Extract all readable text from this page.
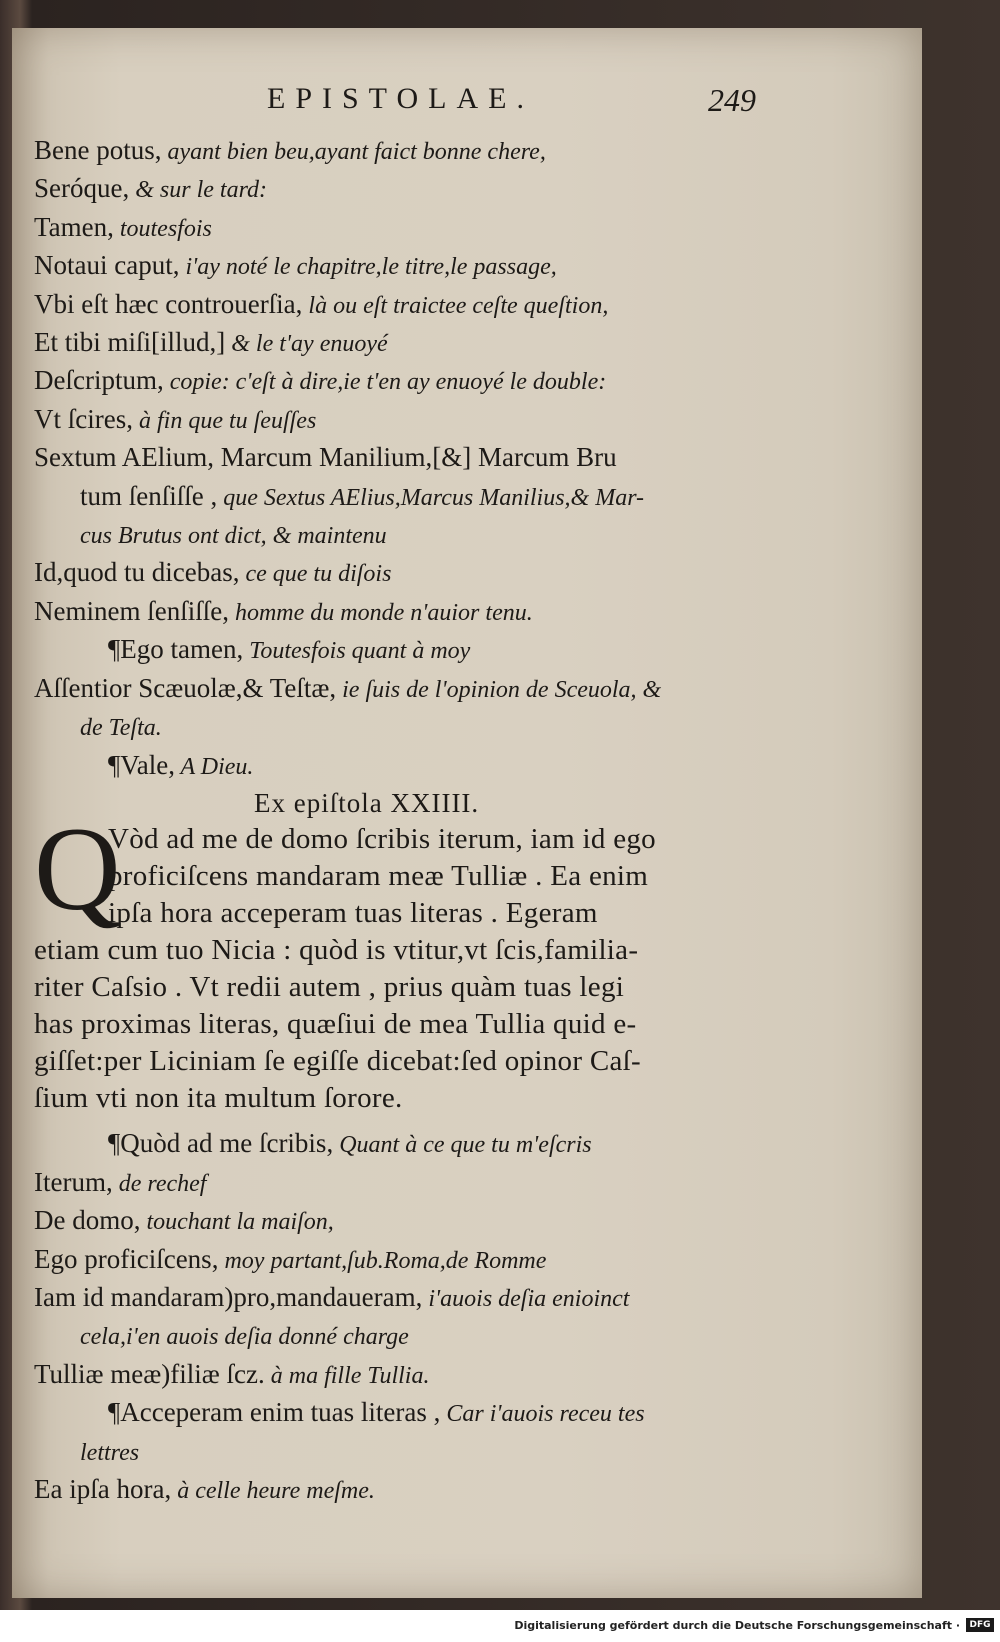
EPISTOLAE.	249
Bene potus, ayant bien beu,ayant faict bonne chere,
Seróque, & sur le tard:
Tamen, toutesfois
Notaui caput, i'ay noté le chapitre,le titre,le passage,
Vbi eſt hæc controuerſia, là ou eſt traictee ceſte queſtion,
Et tibi miſi[illud,] & le t'ay enuoyé
Deſcriptum, copie: c'eſt à dire,ie t'en ay enuoyé le double:
Vt ſcires, à fin que tu ſeuſſes
Sextum AElium, Marcum Manilium,[&] Marcum Bru
tum ſenſiſſe , que Sextus AElius,Marcus Manilius,& Mar-
cus Brutus ont dict, & maintenu
Id,quod tu dicebas, ce que tu diſois
Neminem ſenſiſſe, homme du monde n'auior tenu.
¶Ego tamen, Toutesfois quant à moy
Aſſentior Scæuolæ,& Teſtæ, ie ſuis de l'opinion de Sceuola, &
de Teſta.
¶Vale, A Dieu.
Ex epiſtola XXIIII.
Q
Vòd ad me de domo ſcribis iterum, iam id ego
proficiſcens mandaram meæ Tulliæ . Ea enim
ipſa hora acceperam tuas literas . Egeram
etiam cum tuo Nicia : quòd is vtitur,vt ſcis,familia-
riter Caſsio . Vt redii autem , prius quàm tuas legi
has proximas literas, quæſiui de mea Tullia quid e-
giſſet:per Liciniam ſe egiſſe dicebat:ſed opinor Caſ-
ſium vti non ita multum ſorore.
¶Quòd ad me ſcribis, Quant à ce que tu m'eſcris
Iterum, de rechef
De domo, touchant la maiſon,
Ego proficiſcens, moy partant,ſub.Roma,de Romme
Iam id mandaram)pro,mandaueram, i'auois deſia enioinct
cela,i'en auois deſia donné charge
Tulliæ meæ)filiæ ſcz. à ma fille Tullia.
¶Acceperam enim tuas literas , Car i'auois receu tes
lettres
Ea ipſa hora, à celle heure meſme.
Digitalisierung gefördert durch die Deutsche Forschungsgemeinschaft ·	DFG
